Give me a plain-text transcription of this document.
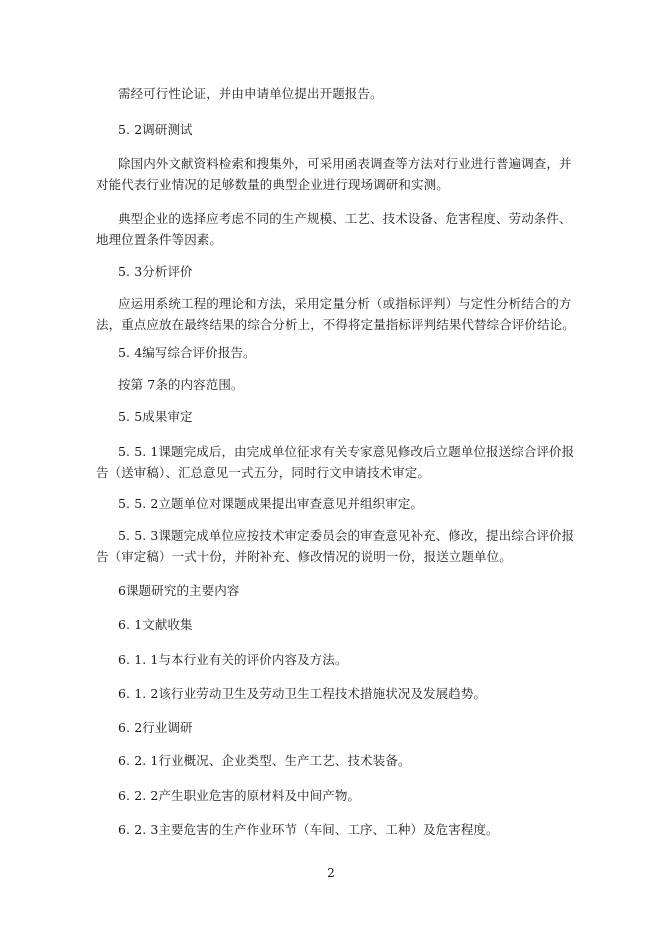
需经可行性论证，并由申请单位提出开题报告。
5. 2调研测试
除国内外文献资料检索和搜集外，可采用函表调查等方法对行业进行普遍调查，并对能代表行业情况的足够数量的典型企业进行现场调研和实测。
典型企业的选择应考虑不同的生产规模、工艺、技术设备、危害程度、劳动条件、地理位置条件等因素。
5. 3分析评价
应运用系统工程的理论和方法，采用定量分析（或指标评判）与定性分析结合的方法，重点应放在最终结果的综合分析上，不得将定量指标评判结果代替综合评价结论。
5. 4编写综合评价报告。
按第 7条的内容范围。
5. 5成果审定
5. 5. 1课题完成后，由完成单位征求有关专家意见修改后立题单位报送综合评价报告（送审稿）、汇总意见一式五分，同时行文申请技术审定。
5. 5. 2立题单位对课题成果提出审查意见并组织审定。
5. 5. 3课题完成单位应按技术审定委员会的审查意见补充、修改，提出综合评价报告（审定稿）一式十份，并附补充、修改情况的说明一份，报送立题单位。
6课题研究的主要内容
6. 1文献收集
6. 1. 1与本行业有关的评价内容及方法。
6. 1. 2该行业劳动卫生及劳动卫生工程技术措施状况及发展趋势。
6. 2行业调研
6. 2. 1行业概况、企业类型、生产工艺、技术装备。
6. 2. 2产生职业危害的原材料及中间产物。
6. 2. 3主要危害的生产作业环节（车间、工序、工种）及危害程度。
2
